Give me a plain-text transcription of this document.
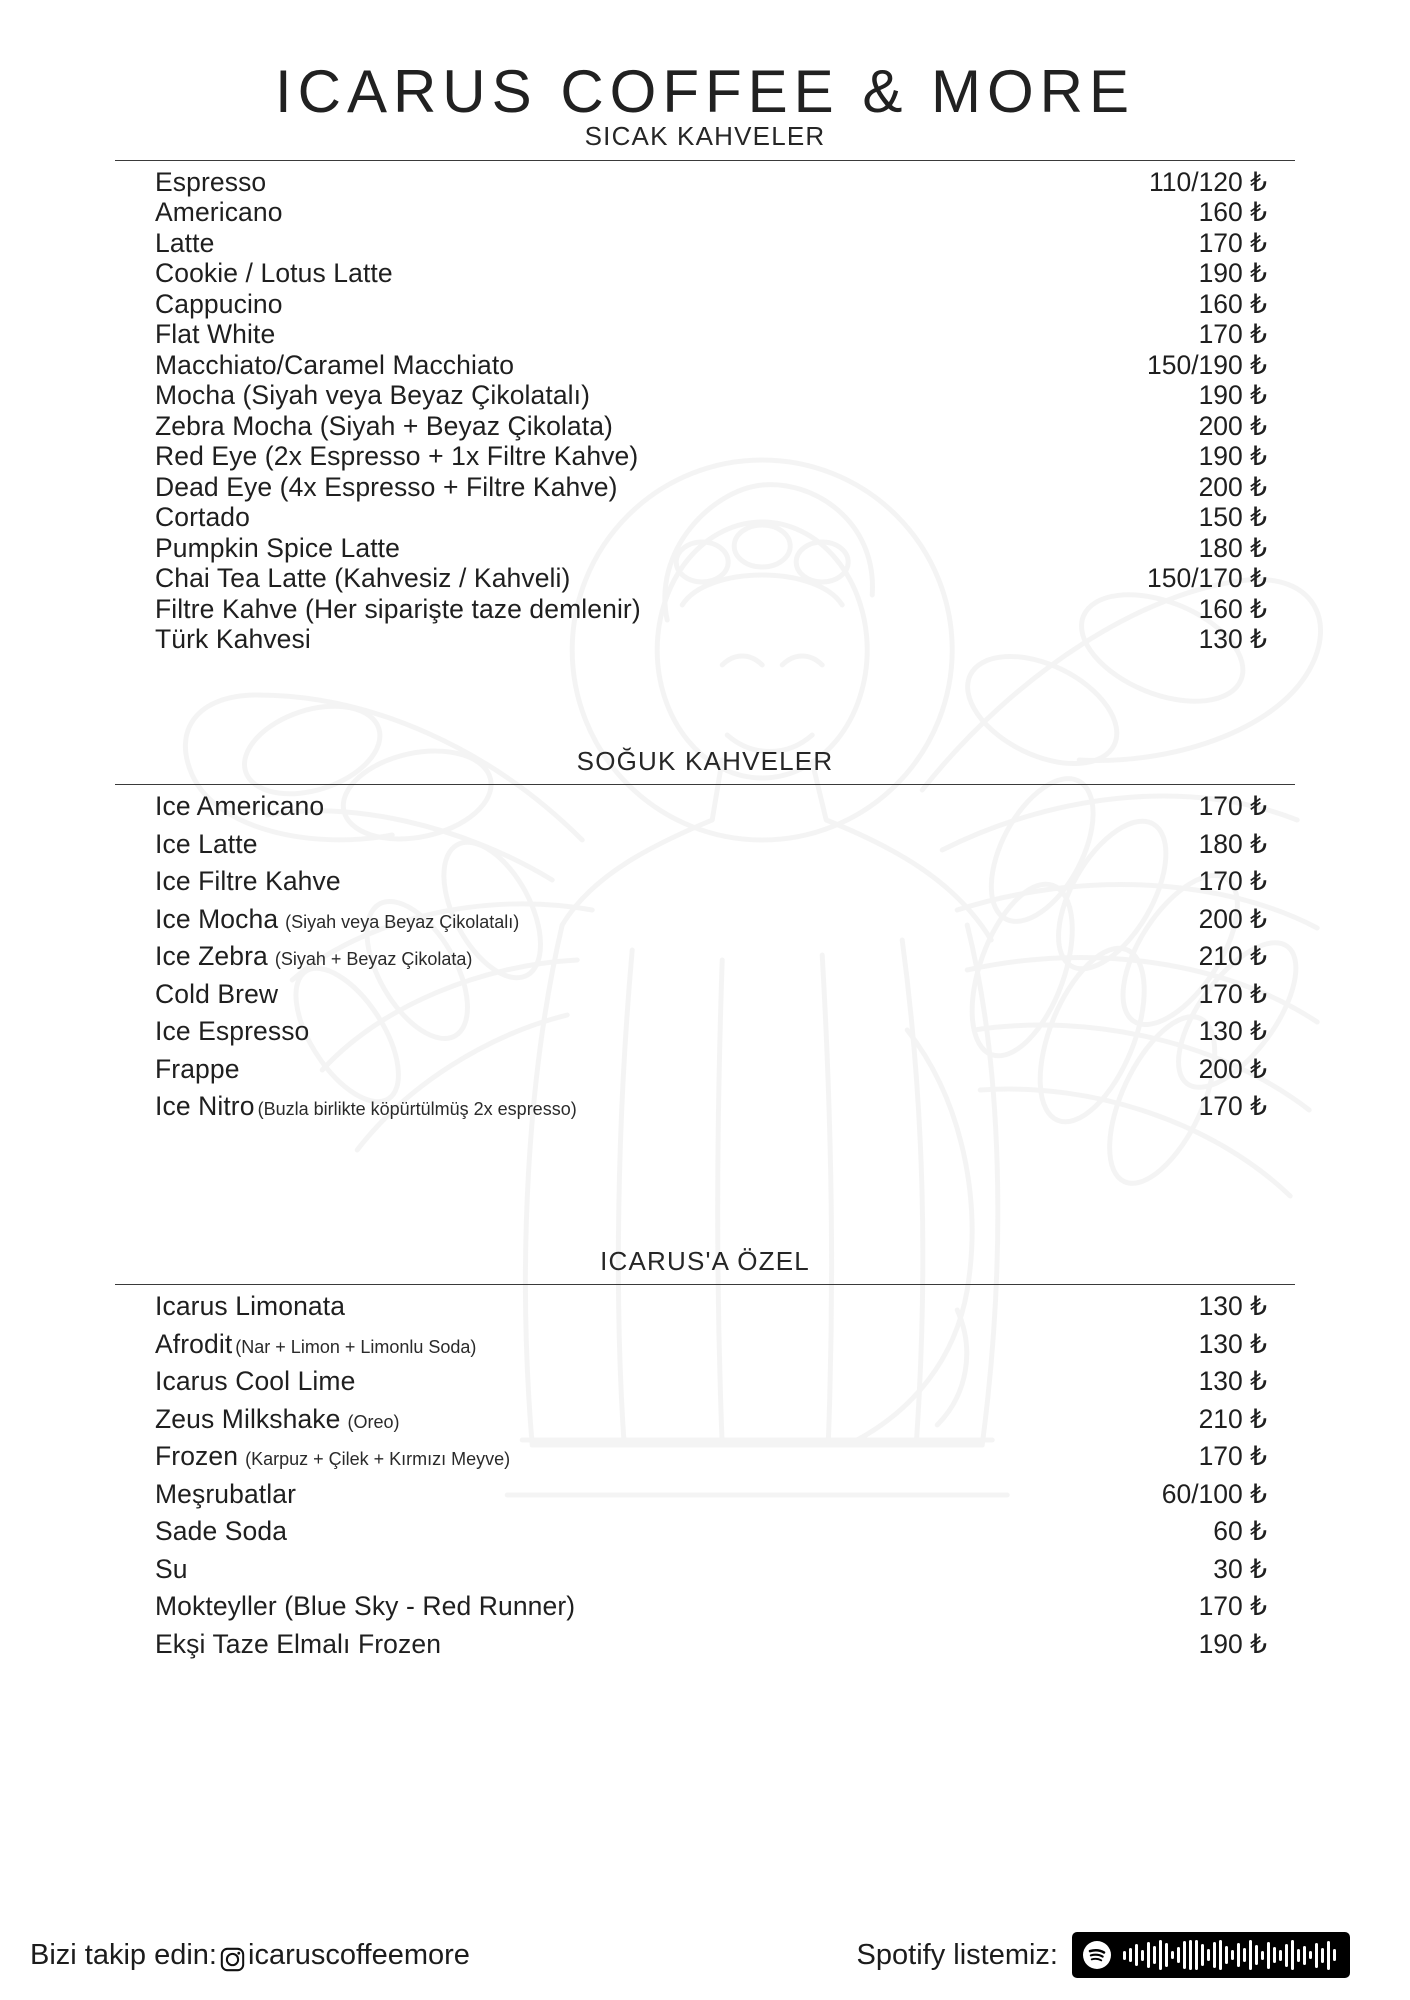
ICARUS COFFEE & MORE
SICAK KAHVELER
Espresso	110/120 ₺
Americano	160 ₺
Latte	170 ₺
Cookie / Lotus Latte	190 ₺
Cappucino	160 ₺
Flat White	170 ₺
Macchiato/Caramel Macchiato	150/190 ₺
Mocha (Siyah veya Beyaz Çikolatalı)	190 ₺
Zebra Mocha (Siyah + Beyaz Çikolata)	200 ₺
Red Eye (2x Espresso + 1x Filtre Kahve)	190 ₺
Dead Eye (4x Espresso + Filtre Kahve)	200 ₺
Cortado	150 ₺
Pumpkin Spice Latte	180 ₺
Chai Tea Latte (Kahvesiz / Kahveli)	150/170 ₺
Filtre Kahve (Her siparişte taze demlenir)	160 ₺
Türk Kahvesi	130 ₺
SOĞUK KAHVELER
Ice Americano	170 ₺
Ice Latte	180 ₺
Ice Filtre Kahve	170 ₺
Ice Mocha (Siyah veya Beyaz Çikolatalı)	200 ₺
Ice Zebra (Siyah + Beyaz Çikolata)	210 ₺
Cold Brew	170 ₺
Ice Espresso	130 ₺
Frappe	200 ₺
Ice Nitro (Buzla birlikte köpürtülmüş 2x espresso)	170 ₺
ICARUS'A ÖZEL
Icarus Limonata	130 ₺
Afrodit (Nar + Limon + Limonlu Soda)	130 ₺
Icarus Cool Lime	130 ₺
Zeus Milkshake (Oreo)	210 ₺
Frozen (Karpuz + Çilek + Kırmızı Meyve)	170 ₺
Meşrubatlar	60/100 ₺
Sade Soda	60 ₺
Su	30 ₺
Mokteyller (Blue Sky - Red Runner)	170 ₺
Ekşi Taze Elmalı Frozen	190 ₺
Bizi takip edin: icaruscoffeemore	Spotify listemiz:
